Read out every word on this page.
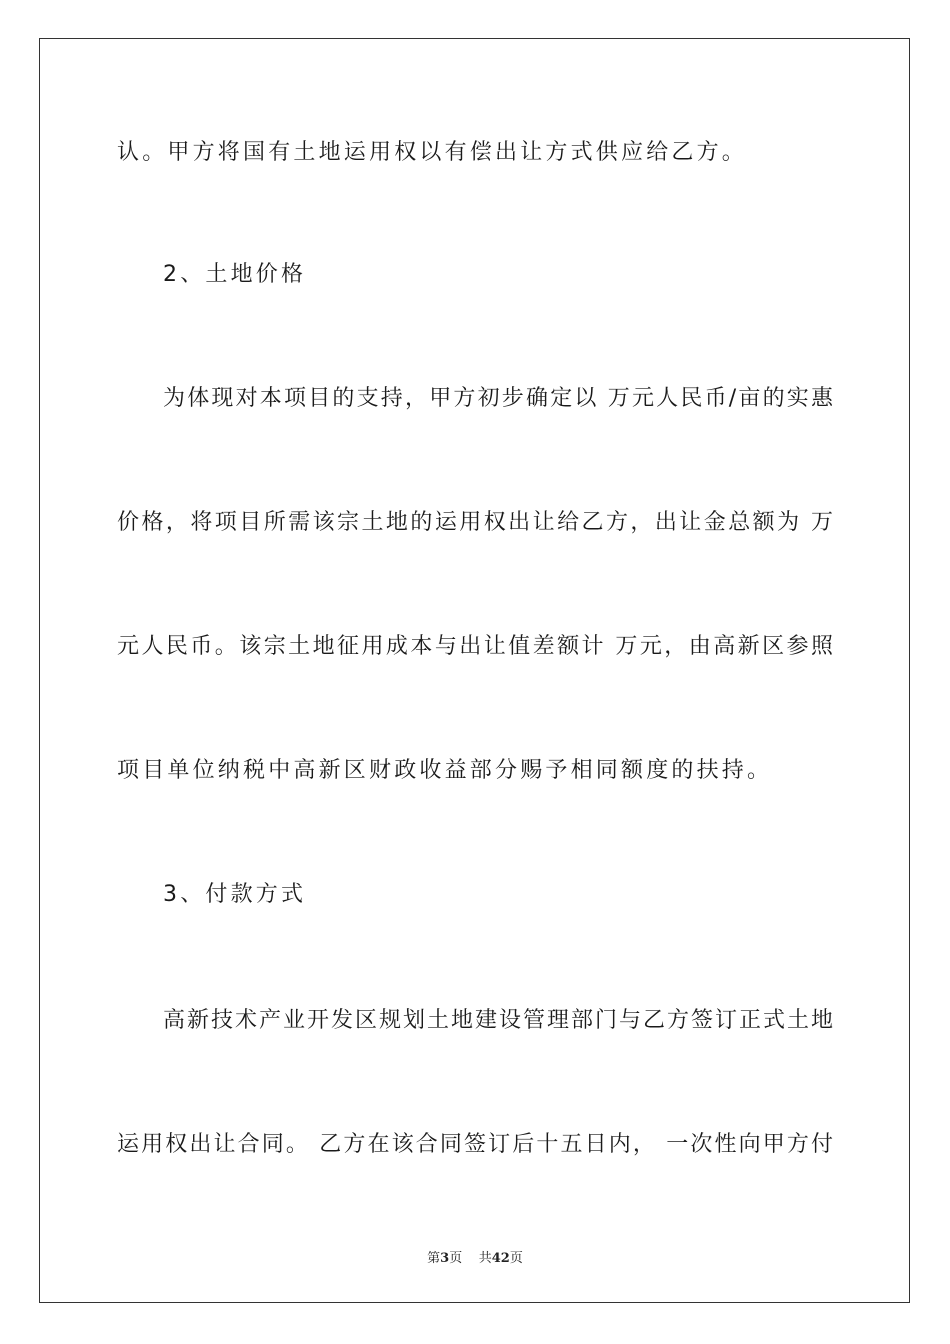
认。甲方将国有土地运用权以有偿出让方式供应给乙方。
2、土地价格
为体现对本项目的支持，甲方初步确定以 万元人民币/亩的实惠
价格，将项目所需该宗土地的运用权出让给乙方，出让金总额为 万
元人民币。该宗土地征用成本与出让值差额计 万元，由高新区参照
项目单位纳税中高新区财政收益部分赐予相同额度的扶持。
3、付款方式
高新技术产业开发区规划土地建设管理部门与乙方签订正式土地
运用权出让合同。 乙方在该合同签订后十五日内， 一次性向甲方付
第3页 共42页
